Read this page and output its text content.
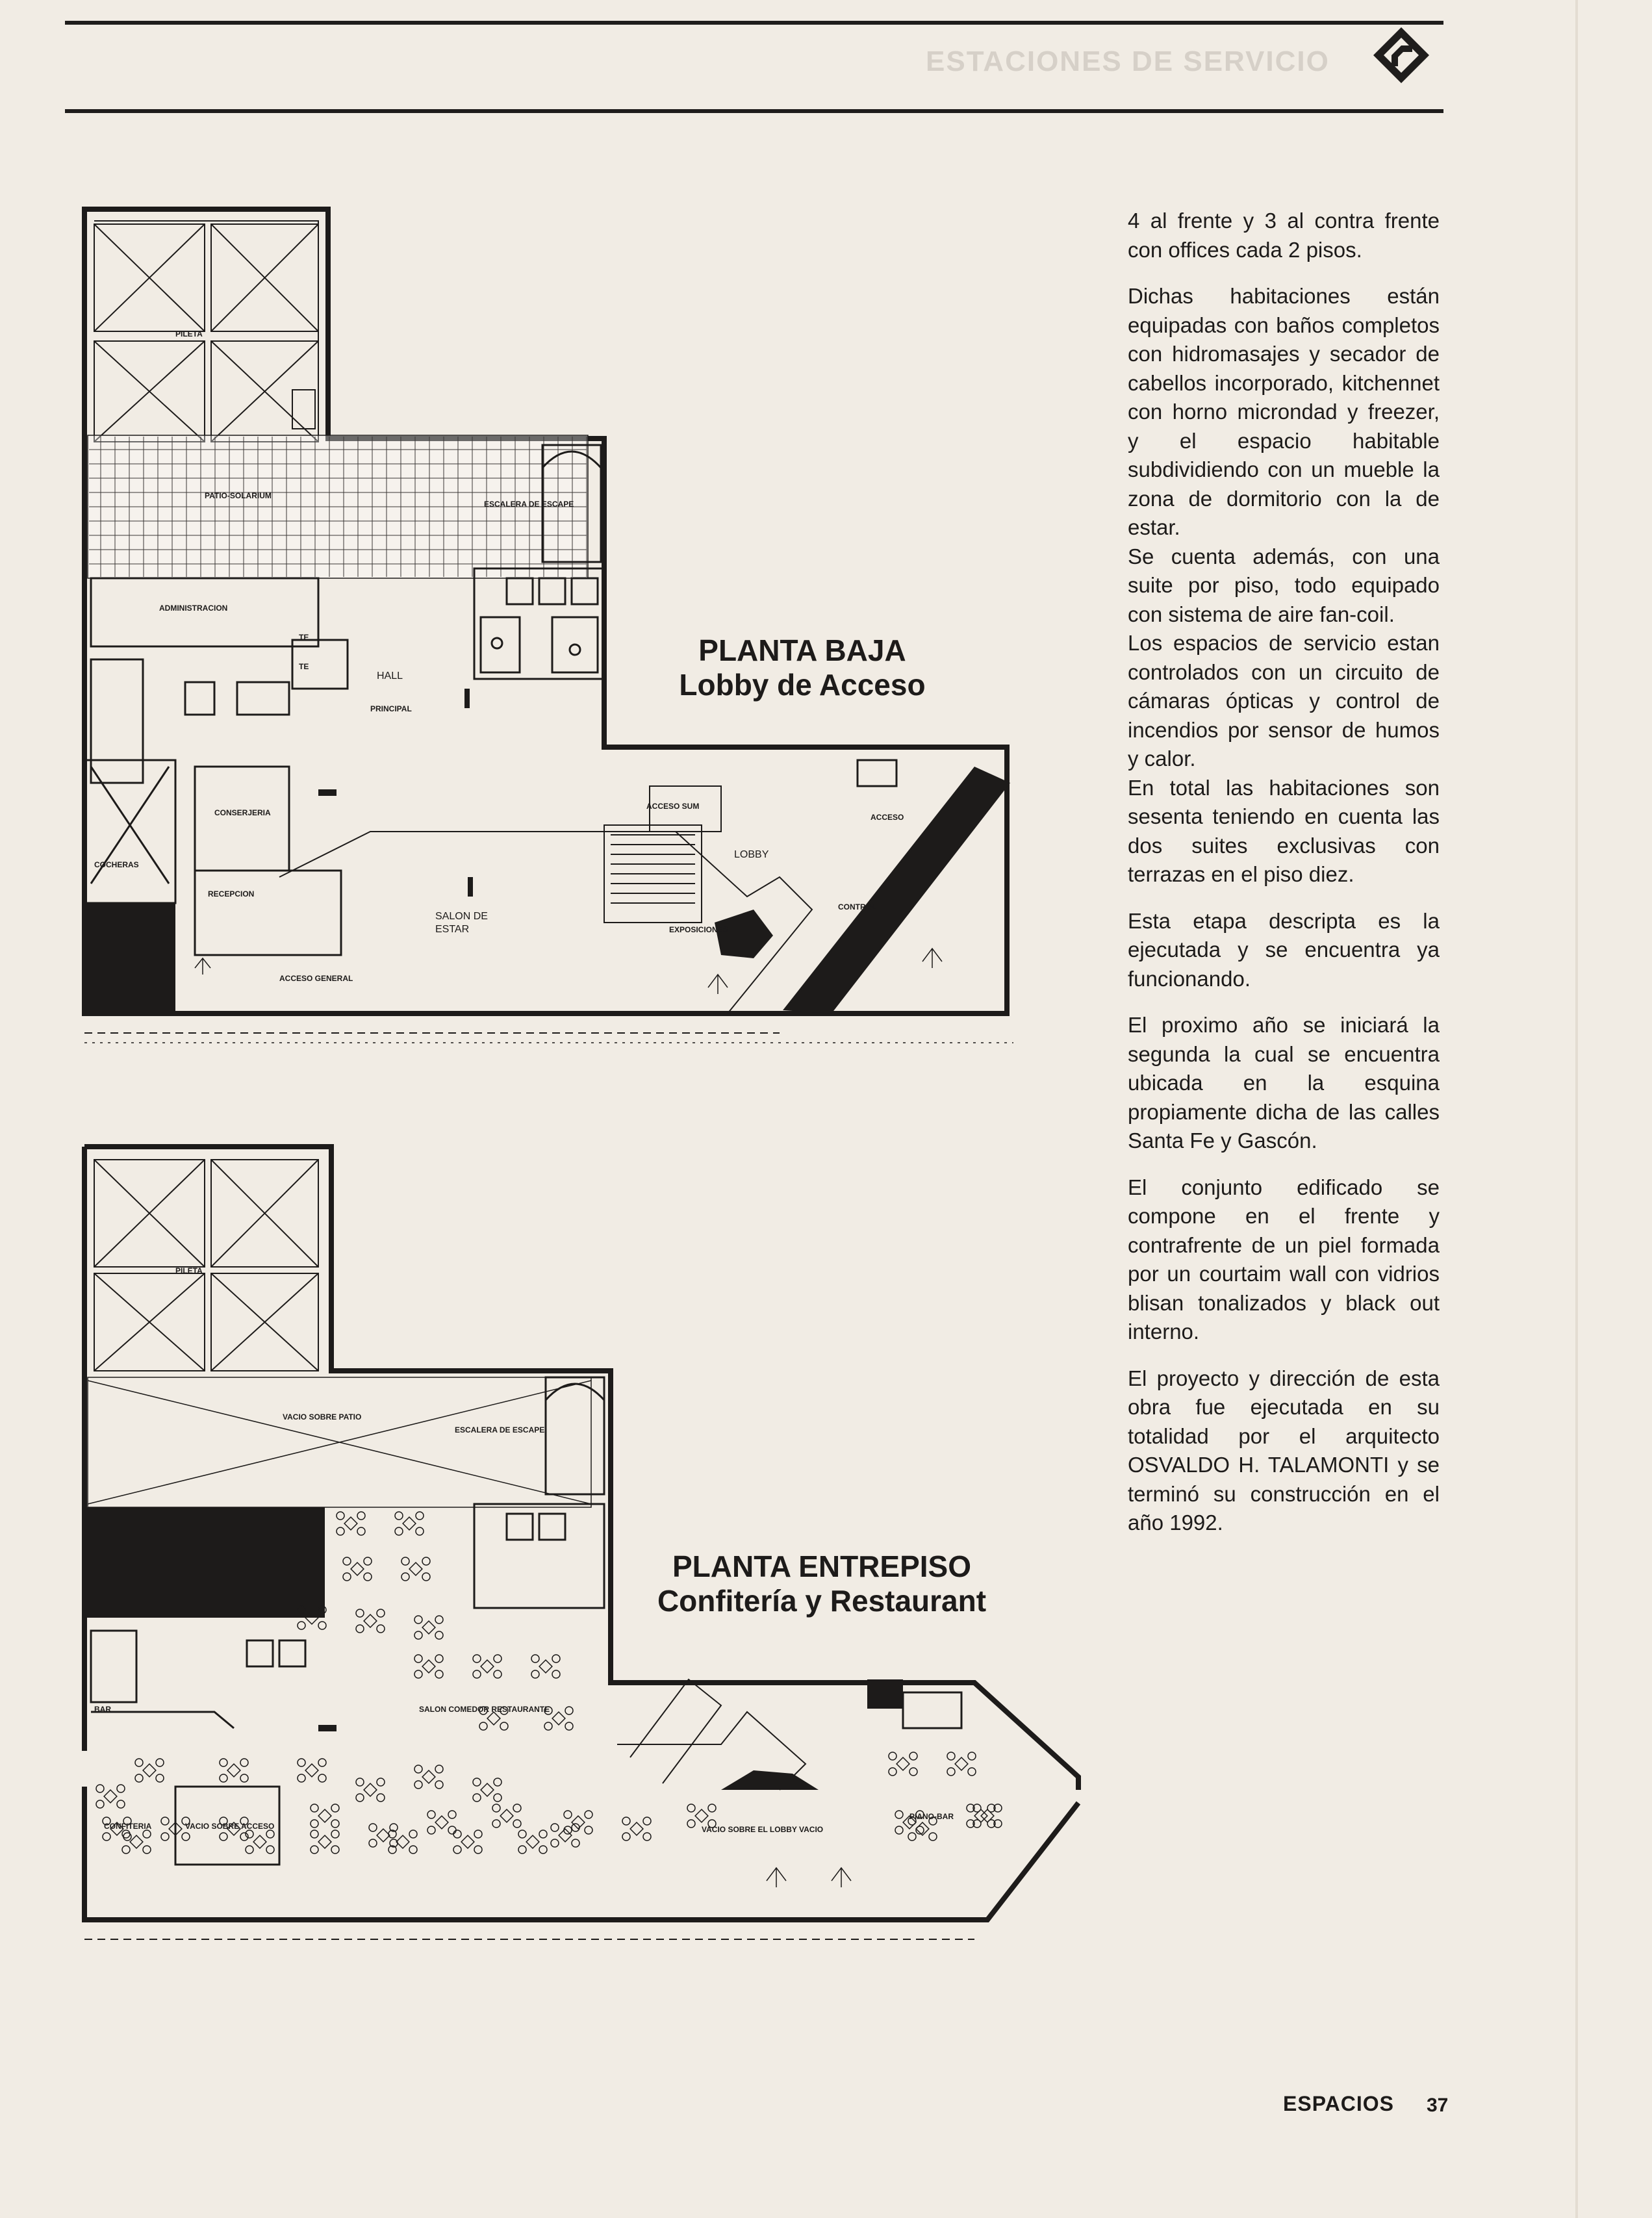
ESTACIONES DE SERVICIO
PILETA
PATIO-SOLARIUM
ESCALERA DE ESCAPE
ADMINISTRACION
TE
TE
HALL
PRINCIPAL
CONSERJERIA
COCHERAS
RECEPCION
ACCESO GENERAL
SALON DE
ESTAR
ACCESO SUM
LOBBY
EXPOSICIONES
CONTROL
ACCESO
PLANTA BAJA
Lobby de Acceso
PILETA
VACIO SOBRE PATIO
ESCALERA DE ESCAPE
BAR	SALON COMEDOR RESTAURANTE
CONFITERIA	VACIO SOBRE ACCESO	VACIO SOBRE EL LOBBY VACIO
PIANO-BAR
PLANTA ENTREPISO
Confitería y Restaurant

4 al frente y 3 al contra frente con offices cada 2 pisos.

Dichas habitaciones están equipadas con baños completos con hidromasajes y secador de cabellos incorporado, kitchennet con horno microndad y freezer, y el espacio habitable subdividiendo con un mueble la zona de dormitorio con la de estar.

Se cuenta además, con una suite por piso, todo equipado con sistema de aire fan-coil.

Los espacios de servicio estan controlados con un circuito de cámaras ópticas y control de incendios por sensor de humos y calor.

En total las habitaciones son sesenta teniendo en cuenta las dos suites exclusivas con terrazas en el piso diez.

Esta etapa descripta es la ejecutada y se encuentra ya funcionando.

El proximo año se iniciará la segunda la cual se encuentra ubicada en la esquina propiamente dicha de las calles Santa Fe y Gascón.

El conjunto edificado se compone en el frente y contrafrente de un piel formada por un courtaim wall con vidrios blisan tonalizados y black out interno.

El proyecto y dirección de esta obra fue ejecutada en su totalidad por el arquitecto OSVALDO H. TALAMONTI y se terminó su construcción en el año 1992.

ESPACIOS 37
